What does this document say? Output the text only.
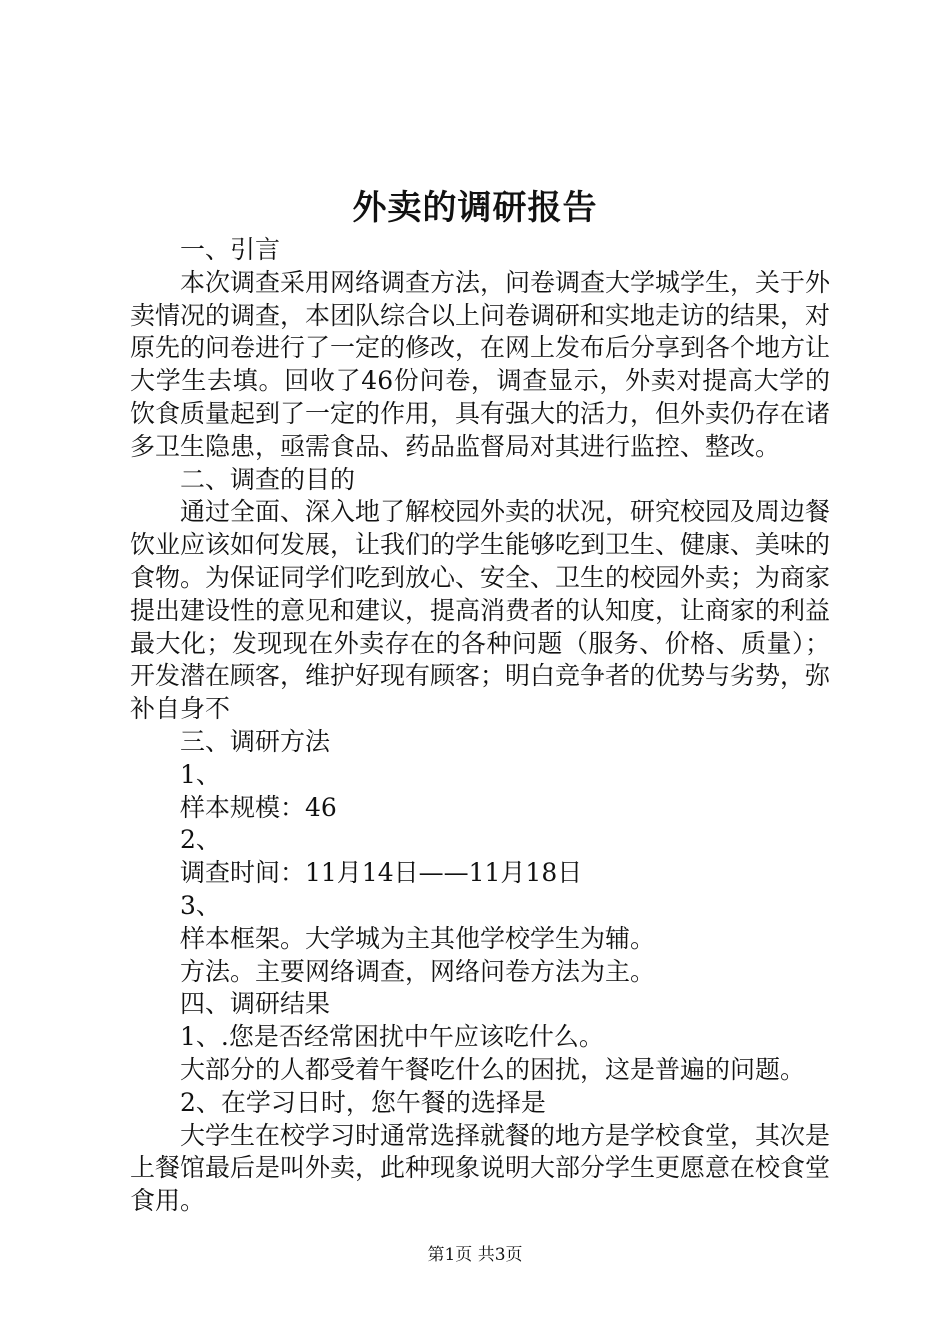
外卖的调研报告

一、引言

本次调查采用网络调查方法，问卷调查大学城学生，关于外卖情况的调查，本团队综合以上问卷调研和实地走访的结果，对原先的问卷进行了一定的修改，在网上发布后分享到各个地方让大学生去填。回收了46份问卷，调查显示，外卖对提高大学的饮食质量起到了一定的作用，具有强大的活力，但外卖仍存在诸多卫生隐患，亟需食品、药品监督局对其进行监控、整改。

二、调查的目的

通过全面、深入地了解校园外卖的状况，研究校园及周边餐饮业应该如何发展，让我们的学生能够吃到卫生、健康、美味的食物。为保证同学们吃到放心、安全、卫生的校园外卖；为商家提出建设性的意见和建议，提高消费者的认知度，让商家的利益最大化；发现现在外卖存在的各种问题（服务、价格、质量）；开发潜在顾客，维护好现有顾客；明白竞争者的优势与劣势，弥补自身不

三、调研方法

1、

样本规模：46

2、

调查时间：11月14日——11月18日

3、

样本框架。大学城为主其他学校学生为辅。

方法。主要网络调查，网络问卷方法为主。

四、调研结果

1、.您是否经常困扰中午应该吃什么。

大部分的人都受着午餐吃什么的困扰，这是普遍的问题。

2、在学习日时，您午餐的选择是

大学生在校学习时通常选择就餐的地方是学校食堂，其次是上餐馆最后是叫外卖，此种现象说明大部分学生更愿意在校食堂食用。

第1页 共3页
